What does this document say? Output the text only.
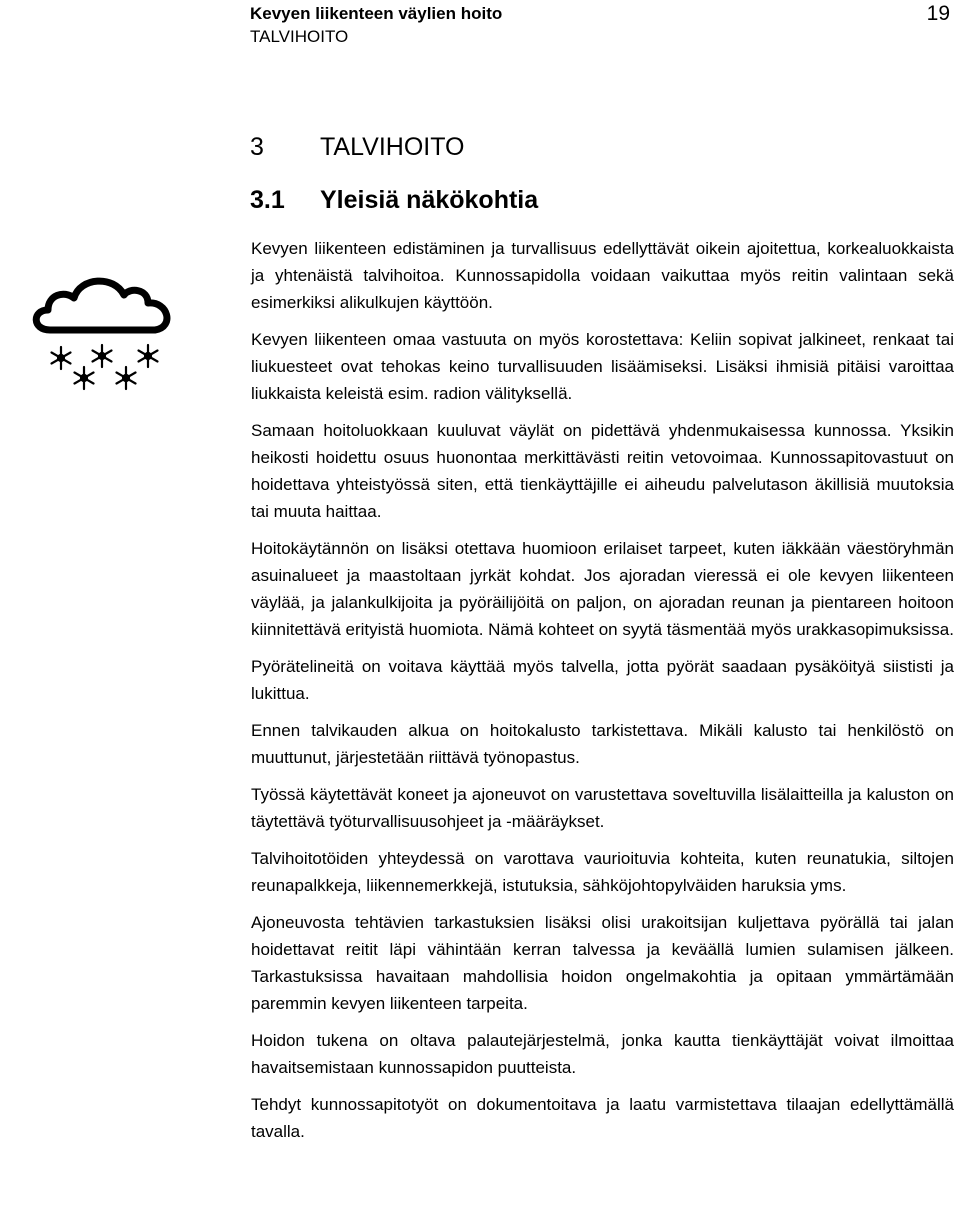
Kevyen liikenteen väylien hoito
TALVIHOITO
19
3 TALVIHOITO
3.1 Yleisiä näkökohtia

Kevyen liikenteen edistäminen ja turvallisuus edellyttävät oikein ajoitettua, korkealuokkaista ja yhtenäistä talvihoitoa. Kunnossapidolla voidaan vaikuttaa myös reitin valintaan sekä esimerkiksi alikulkujen käyttöön.

Kevyen liikenteen omaa vastuuta on myös korostettava: Keliin sopivat jalkineet, renkaat tai liukuesteet ovat tehokas keino turvallisuuden lisäämiseksi. Lisäksi ihmisiä pitäisi varoittaa liukkaista keleistä esim. radion välityksellä.

Samaan hoitoluokkaan kuuluvat väylät on pidettävä yhdenmukaisessa kunnossa. Yksikin heikosti hoidettu osuus huonontaa merkittävästi reitin vetovoimaa. Kunnossapitovastuut on hoidettava yhteistyössä siten, että tienkäyttäjille ei aiheudu palvelutason äkillisiä muutoksia tai muuta haittaa.

Hoitokäytännön on lisäksi otettava huomioon erilaiset tarpeet, kuten iäkkään väestöryhmän asuinalueet ja maastoltaan jyrkät kohdat. Jos ajoradan vieressä ei ole kevyen liikenteen väylää, ja jalankulkijoita ja pyöräilijöitä on paljon, on ajoradan reunan ja pientareen hoitoon kiinnitettävä erityistä huomiota. Nämä kohteet on syytä täsmentää myös urakkasopimuksissa.

Pyörätelineitä on voitava käyttää myös talvella, jotta pyörät saadaan pysäköityä siististi ja lukittua.

Ennen talvikauden alkua on hoitokalusto tarkistettava. Mikäli kalusto tai henkilöstö on muuttunut, järjestetään riittävä työnopastus.

Työssä käytettävät koneet ja ajoneuvot on varustettava soveltuvilla lisälaitteilla ja kaluston on täytettävä työturvallisuusohjeet ja -määräykset.

Talvihoitotöiden yhteydessä on varottava vaurioituvia kohteita, kuten reunatukia, siltojen reunapalkkeja, liikennemerkkejä, istutuksia, sähköjohtopylväiden haruksia yms.

Ajoneuvosta tehtävien tarkastuksien lisäksi olisi urakoitsijan kuljettava pyörällä tai jalan hoidettavat reitit läpi vähintään kerran talvessa ja keväällä lumien sulamisen jälkeen. Tarkastuksissa havaitaan mahdollisia hoidon ongelmakohtia ja opitaan ymmärtämään paremmin kevyen liikenteen tarpeita.

Hoidon tukena on oltava palautejärjestelmä, jonka kautta tienkäyttäjät voivat ilmoittaa havaitsemistaan kunnossapidon puutteista.

Tehdyt kunnossapitotyöt on dokumentoitava ja laatu varmistettava tilaajan edellyttämällä tavalla.
